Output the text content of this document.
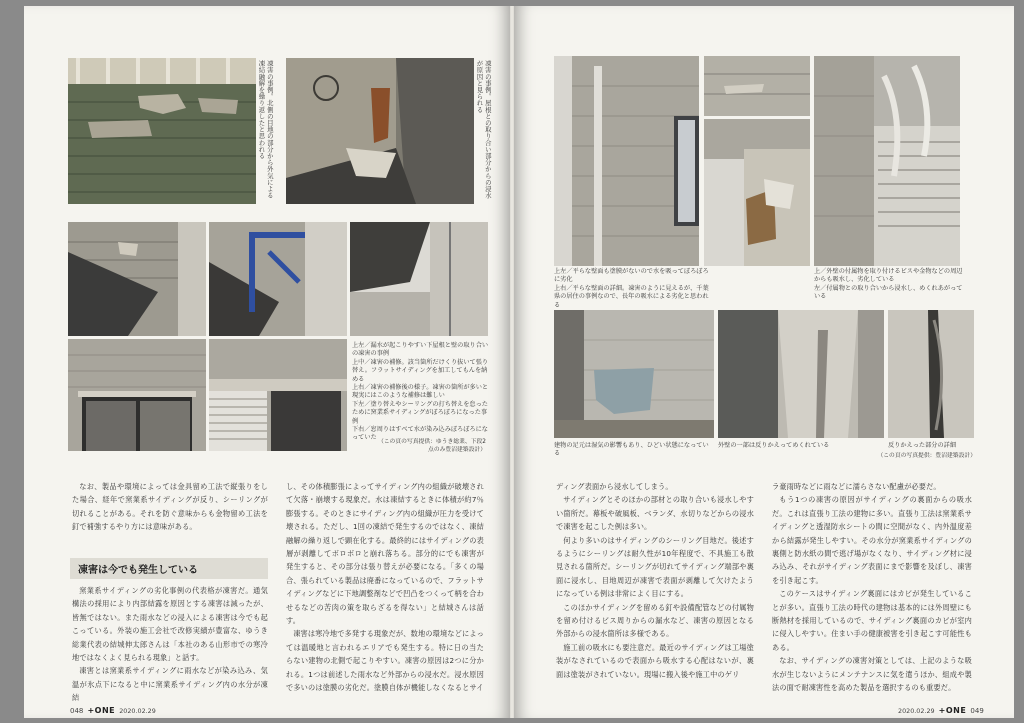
凍害の事例。北側の目地の部分から外気による凍結融解を繰り返したと思われる	凍害の事例。屋根との取り合い部分からの浸水が原因と見られる
上左／漏水が起こりやすい下屋根と壁の取り合いの凍害の事例
上中／凍害の補修。該当箇所だけくり抜いて張り替え。フラットサイディングを加工してもんを納める
上右／凍害の補修後の様子。凍害の箇所が多いと現実にはこのような補修は難しい
下左／塗り替えやシーリングの打ち替えを怠ったために窯業系サイディングがぼろぼろになった事例
下右／窓周りはすべて水が染み込みぼろぼろになっていた
（この頁の写真提供：ゆうき総業、下段2点のみ豊沼建築設計）

なお、製品や環境によっては金具留め工法で縦張りをした場合、経年で窯業系サイディングが反り、シーリングが切れることがある。それを防ぐ意味からも金物留め工法を釘で補強するやり方には意味がある。

凍害は今でも発生している

窯業系サイディングの劣化事例の代表格が凍害だ。通気構法の採用により内部結露を原因とする凍害は減ったが、皆無ではない。また雨水などの浸入による凍害は今でも起こっている。外装の施工会社で改修実績が豊富な、ゆうき総業代表の結城伸太郎さんは「本社のある山形市での寒冷地ではなくよく見られる現象」と話す。

凍害とは窯業系サイディングに雨水などが染み込み、気温が氷点下になると中に窯業系サイディング内の水分が凍結

し、その体積膨張によってサイディング内の組織が破壊されて欠落・崩壊する現象だ。水は凍結するときに体積が約7％膨張する。そのときにサイディング内の組織が圧力を受けて壊される。ただし、1回の凍結で発生するのではなく、凍結融解の繰り返しで顕在化する。最終的にはサイディングの表層が剥離してボロボロと崩れ落ちる。部分的にでも凍害が発生すると、その部分は張り替えが必要になる。「多くの場合、張られている製品は廃番になっているので、フラットサイディングなどに下地調整剤などで凹凸をつくって柄を合わせるなどの苦肉の策を取らざるを得ない」と結城さんは話す。

凍害は寒冷地で多発する現象だが、数地の環境などによっては温暖地と言われるエリアでも発生する。特に日の当たらない建物の北側で起こりやすい。凍害の原因は2つに分かれる。1つは前述した雨水など外部からの浸水だ。浸水原因で多いのは塗膜の劣化だ。塗膜自体が機能しなくなるとサイ

048 +ONE 2020.02.29
上左／平らな壁面も塗膜がないので水を吸ってぼろぼろに劣化
上右／平らな壁面の詳細。凍害のように見えるが、千葉県の居住の事例なので、長年の吸水による劣化と思われる
上／外壁の付属物を取り付けるビスや金物などの周辺からも吸水し、劣化している
左／付属物との取り合いから浸水し、めくれあがっている
建物の足元は湿気の影響もあり、ひどい状態になっている
外壁の一部は反りかえってめくれている	反りかえった部分の詳細
（この頁の写真提供：豊沼建築設計）

ディング表面から浸水してしまう。

サイディングとそのほかの部材との取り合いも浸水しやすい箇所だ。幕板や破風板、ベランダ、水切りなどからの浸水で凍害を起こした例は多い。

何より多いのはサイディングのシーリング目地だ。後述するようにシーリングは耐久性が10年程度で、不具施工も散見される箇所だ。シーリングが切れてサイディング端部や裏面に浸水し、目地周辺が凍害で表面が剥離して欠けたようになっている例は非常によく目にする。

このほかサイディングを留める釘や設備配管などの付属物を留め付けるビス周りからの漏水など、凍害の原因となる外部からの浸水箇所は多様である。

施工前の吸水にも要注意だ。最近のサイディングは工場塗装がなされているので表面から吸水する心配はないが、裏面は塗装がされていない。現場に搬入後や施工中のゲリ

ラ豪雨時などに雨などに濡らさない配慮が必要だ。

もう1つの凍害の原因がサイディングの裏面からの吸水だ。これは直張り工法の建物に多い。直張り工法は窯業系サイディングと透湿防水シートの間に空間がなく、内外温度差から結露が発生しやすい。その水分が窯業系サイディングの裏側と防水紙の間で逃げ場がなくなり、サイディング材に浸み込み、それがサイディング表面にまで影響を及ぼし、凍害を引き起こす。

このケースはサイディング裏面にはカビが発生していることが多い。直張り工法の時代の建物は基本的には外周壁にも断熱材を採用しているので、サイディング裏面のカビが室内に侵入しやすい。住まい手の健康被害を引き起こす可能性もある。

なお、サイディングの凍害対策としては、上記のような吸水が生じないようにメンテナンスに気を遣うほか、組成や製法の面で耐凍害性を高めた製品を選択するのも重要だ。

2020.02.29 +ONE 049
